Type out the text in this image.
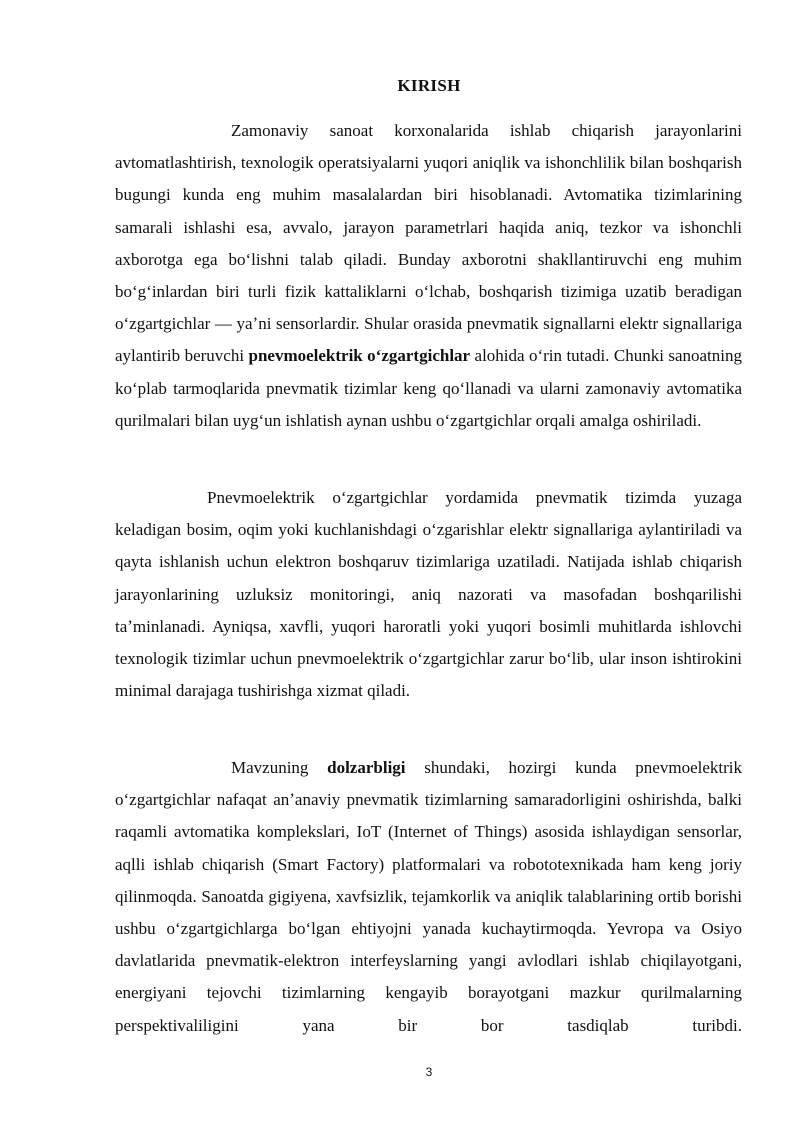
KIRISH

Zamonaviy sanoat korxonalarida ishlab chiqarish jarayonlarini avtomatlashtirish, texnologik operatsiyalarni yuqori aniqlik va ishonchlilik bilan boshqarish bugungi kunda eng muhim masalalardan biri hisoblanadi. Avtomatika tizimlarining samarali ishlashi esa, avvalo, jarayon parametrlari haqida aniq, tezkor va ishonchli axborotga ega boʻlishni talab qiladi. Bunday axborotni shakllantiruvchi eng muhim boʻgʻinlardan biri turli fizik kattaliklarni oʻlchab, boshqarish tizimiga uzatib beradigan oʻzgartgichlar — yaʼni sensorlardir. Shular orasida pnevmatik signallarni elektr signallariga aylantirib beruvchi pnevmoelektrik oʻzgartgichlar alohida oʻrin tutadi. Chunki sanoatning koʻplab tarmoqlarida pnevmatik tizimlar keng qoʻllanadi va ularni zamonaviy avtomatika qurilmalari bilan uygʻun ishlatish aynan ushbu oʻzgartgichlar orqali amalga oshiriladi.

Pnevmoelektrik oʻzgartgichlar yordamida pnevmatik tizimda yuzaga keladigan bosim, oqim yoki kuchlanishdagi oʻzgarishlar elektr signallariga aylantiriladi va qayta ishlanish uchun elektron boshqaruv tizimlariga uzatiladi. Natijada ishlab chiqarish jarayonlarining uzluksiz monitoringi, aniq nazorati va masofadan boshqarilishi taʼminlanadi. Ayniqsa, xavfli, yuqori haroratli yoki yuqori bosimli muhitlarda ishlovchi texnologik tizimlar uchun pnevmoelektrik oʻzgartgichlar zarur boʻlib, ular inson ishtirokini minimal darajaga tushirishga xizmat qiladi.

Mavzuning dolzarbligi shundaki, hozirgi kunda pnevmoelektrik oʻzgartgichlar nafaqat anʼanaviy pnevmatik tizimlarning samaradorligini oshirishda, balki raqamli avtomatika komplekslari, IoT (Internet of Things) asosida ishlaydigan sensorlar, aqlli ishlab chiqarish (Smart Factory) platformalari va robototexnikada ham keng joriy qilinmoqda. Sanoatda gigiyena, xavfsizlik, tejamkorlik va aniqlik talablarining ortib borishi ushbu oʻzgartgichlarga boʻlgan ehtiyojni yanada kuchaytirmoqda. Yevropa va Osiyo davlatlarida pnevmatik-elektron interfeyslarning yangi avlodlari ishlab chiqilayotgani, energiyani tejovchi tizimlarning kengayib borayotgani mazkur qurilmalarning perspektivaliligini yana bir bor tasdiqlab turibdi.

3
